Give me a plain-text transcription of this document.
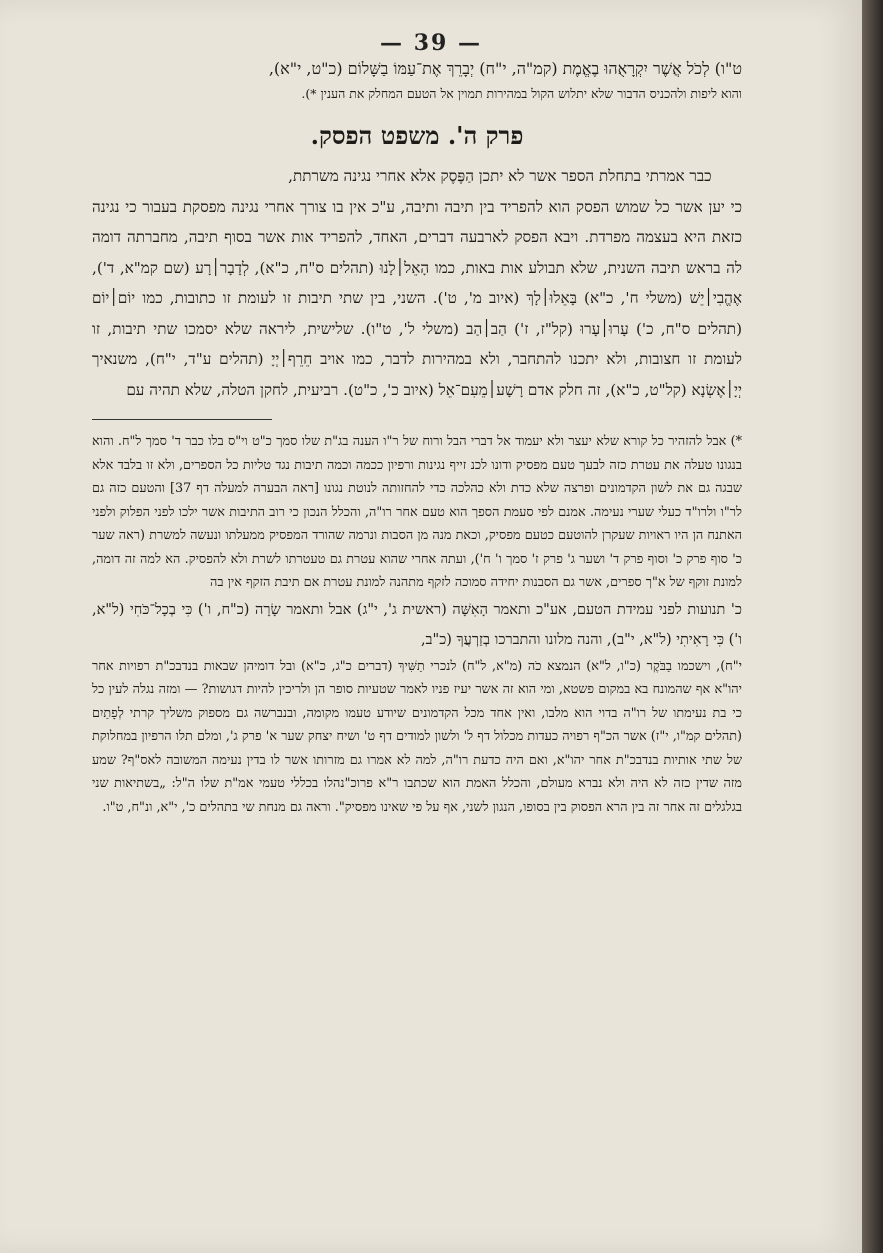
— 39 —

ט"ו) לְכֹל אֲשֶׁר יִקְרָאֻהוּ בֶאֱמֶת (קמ"ה, י"ח) יְבָרֵךְ אֶת־עַמּוֹ בַשָּׁלוֹם (כ"ט, י"א),

והוא ליפות ולהכניס הדבור שלא יתלוש הקול במהירות תמוין אל הטעם המחלק את הענין *).

פרק ה'. משפט הפסק.

כבר אמרתי בתחלת הספר אשר לא יתכן הַפֶּסֶק אלא אחרי נגינה משרתת,

כי יען אשר כל שמוש הפסק הוא להפריד בין תיבה ותיבה, ע"כ אין בו צורך אחרי נגינה מפסקת בעבור כי נגינה כזאת היא בעצמה מפרדת. ויבא הפסק לארבעה דברים, האחד, להפריד אות אשר בסוף תיבה, מחברתה דומה לה בראש תיבה השנית, שלא תבולע אות באות, כמו הָאֵל׀לָנוּ (תהלים ס"ח, כ"א), לְדָבָר׀רָע (שם קמ"א, ד'), אֶהֱבִי׀יֵשׁ (משלי ח', כ"א) בָּאֵלוּ׀לָךְ (איוב מ', ט'). השני, בין שתי תיבות זו לעומת זו כתובות, כמו יוֹם׀יוֹם (תהלים ס"ח, כ') עָרוּ׀עָרוּ (קל"ז, ז') הַב׀הַב (משלי ל', ט"ו). שלישית, ליראה שלא יסמכו שתי תיבות, זו לעומת זו חצובות, ולא יתכנו להתחבר, ולא במהירות לדבר, כמו אויב חֵרֵף׀יְיָ (תהלים ע"ד, י"ח), משנאיך יְיָ׀אֶשְׂנָא (קל"ט, כ"א), זה חלק אדם רָשָׁע׀מֵעִם־אֵל (איוב כ', כ"ט). רביעית, לחקן הטלה, שלא תהיה עם

*) אבל להזהיר כל קורא שלא יעצר ולא יעמוד אל דברי הבל ורוח של ר"ו הענה בג"ת שלו סמך כ"ט וי"ס בלו כבר ד' סמך ל"ח. והוא בנגונו טעלה את עטרת כזה לבעך טעם מפסיק ודונו לכנ זייף נגינות ורפיון ככמה וכמה תיבות נגד טליות כל הספרים, ולא זו בלבד אלא שבגה גם את לשון הקדמונים ופרצה שלא כדת ולא כהלכה כדי להחזותה לנוטת נגונו [ראה הבערה למעלה דף 37] והטעם כזה גם לר"ו ולרו"ד כעלי שערי נעימה. אמנם לפי סעמת הספך הוא טעם אחר רו"ה, והכלל הנכון כי רוב התיבות אשר ילכו לפני הפלוק ולפני האתנח הן היו ראויות שעקרן להוטעם כטעם מפסיק, וכאת מנה מן הסבות ונרמה שהורד המפסיק ממעלתו ונעשה למשרת (ראה שער כ' סוף פרק כ' וסוף פרק ד' ושער ג' פרק ז' סמך ו' ח'), ועתה אחרי שהוא עטרת גם טעטרתו לשרת ולא להפסיק. הא למה זה דומה, למונת זוקף של א"ך ספרים, אשר גם הסבנות יחידה סמוכה לזקף מתהנה למונת עטרת אם תיבת הזקף אין בה

כ' תנועות לפני עמידת הטעם, אע"כ ותאמר הָאִשָּׁה (ראשית ג', י"ג) אבל ותאמר שָׂרָה (כ"ח, ו') כִּי בְכָל־כֹּחִי (ל"א, ו') כִּי רָאִיתִי (ל"א, י"ב), והנה מלונו והתברכו בְזַרְעֲךָ (כ"ב,

י"ח), וישכמו בַבֹּקֶר (כ"ו, ל"א) הנמצא כֹה (מ"א, ל"ח) לנכרי תַשִּׁיךְ (דברים כ"ג, כ"א) ובל דומיהן שבאות בנדבכ"ת רפויות אחר יהו"א אף שהמונח בא במקום פשטא, ומי הוא זה אשר יעיז פניו לאמר שטעיות סופר הן ולריכין להיות דגושות? — ומזה נגלה לעין כל כי בת נעימתו של רו"ה בדוי הוא מלבו, ואין אחד מכל הקדמונים שיודע טעמו מקומה, ובנברשה גם מספוק משליך קרתי לְפָתַיִם (תהלים קמ"ו, י"ז) אשר הכ"ף רפויה כעדות מכלול דף ל' ולשון למודים דף ט' ושיח יצחק שער א' פרק ג', ומלם תלו הרפיון במחלוקת של שתי אותיות בנדבכ"ת אחר יהו"א, ואם היה כדעת רו"ה, למה לא אמרו גם מזרותו אשר לו בדין נעימה המשובה לאס"ף? שמע מזה שדין כזה לא היה ולא נברא מעולם, והכלל האמת הוא שכתבו ר"א פרוכ"נהלו בכללי טעמי אמ"ת שלו ה"ל: „בשתיאות שני בגלגלים זה אחר זה בין הרא הפסוק בין בסופו, הנגון לשני, אף על פי שאינו מפסיק". וראה גם מנחת שי בתהלים כ', י"א, ונ"ח, ט"ו.
